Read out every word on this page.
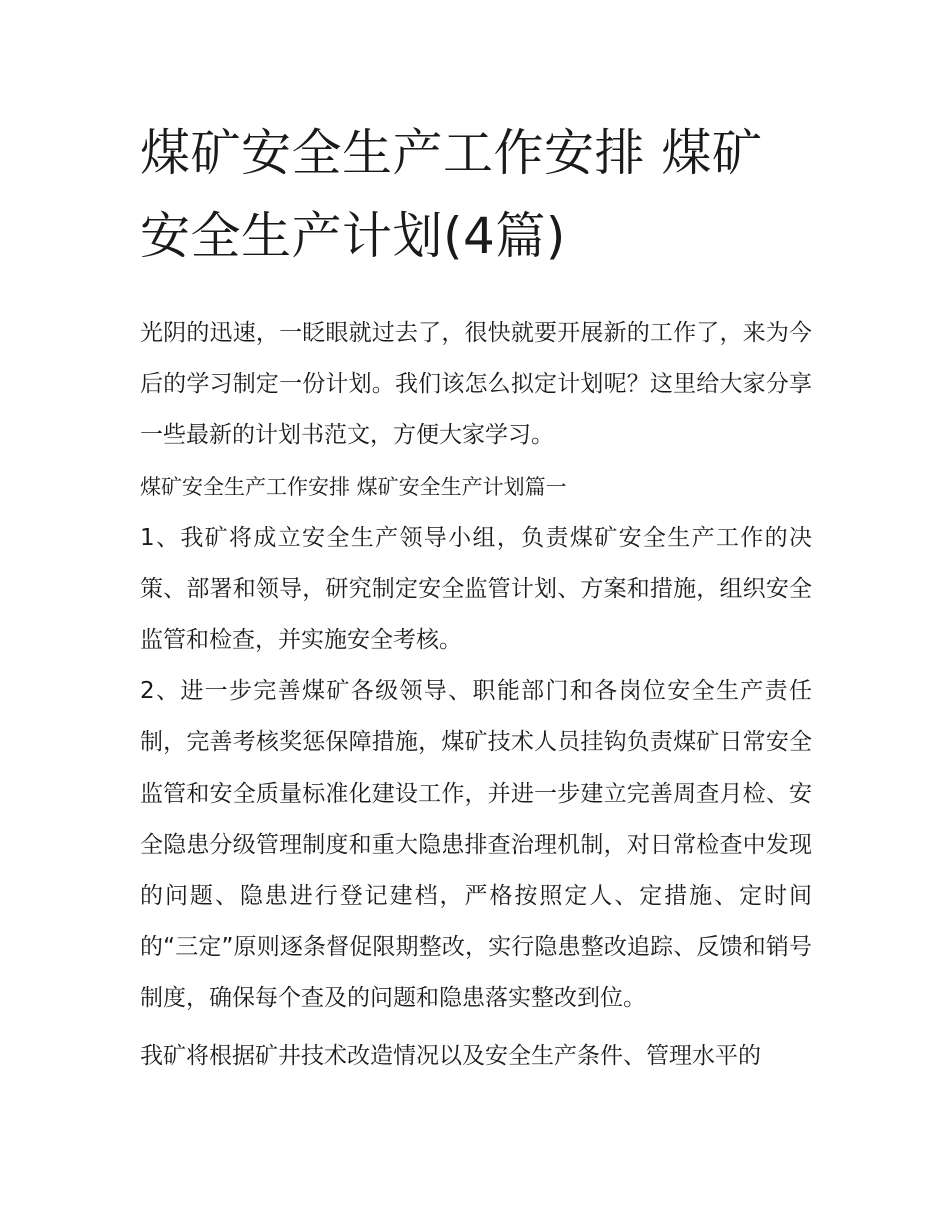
煤矿安全生产工作安排 煤矿安全生产计划(4篇)

光阴的迅速，一眨眼就过去了，很快就要开展新的工作了，来为今后的学习制定一份计划。我们该怎么拟定计划呢？这里给大家分享一些最新的计划书范文，方便大家学习。

煤矿安全生产工作安排 煤矿安全生产计划篇一

1、我矿将成立安全生产领导小组，负责煤矿安全生产工作的决策、部署和领导，研究制定安全监管计划、方案和措施，组织安全监管和检查，并实施安全考核。

2、进一步完善煤矿各级领导、职能部门和各岗位安全生产责任制，完善考核奖惩保障措施，煤矿技术人员挂钩负责煤矿日常安全监管和安全质量标准化建设工作，并进一步建立完善周查月检、安全隐患分级管理制度和重大隐患排查治理机制，对日常检查中发现的问题、隐患进行登记建档，严格按照定人、定措施、定时间的“三定”原则逐条督促限期整改，实行隐患整改追踪、反馈和销号制度，确保每个查及的问题和隐患落实整改到位。

我矿将根据矿井技术改造情况以及安全生产条件、管理水平的
